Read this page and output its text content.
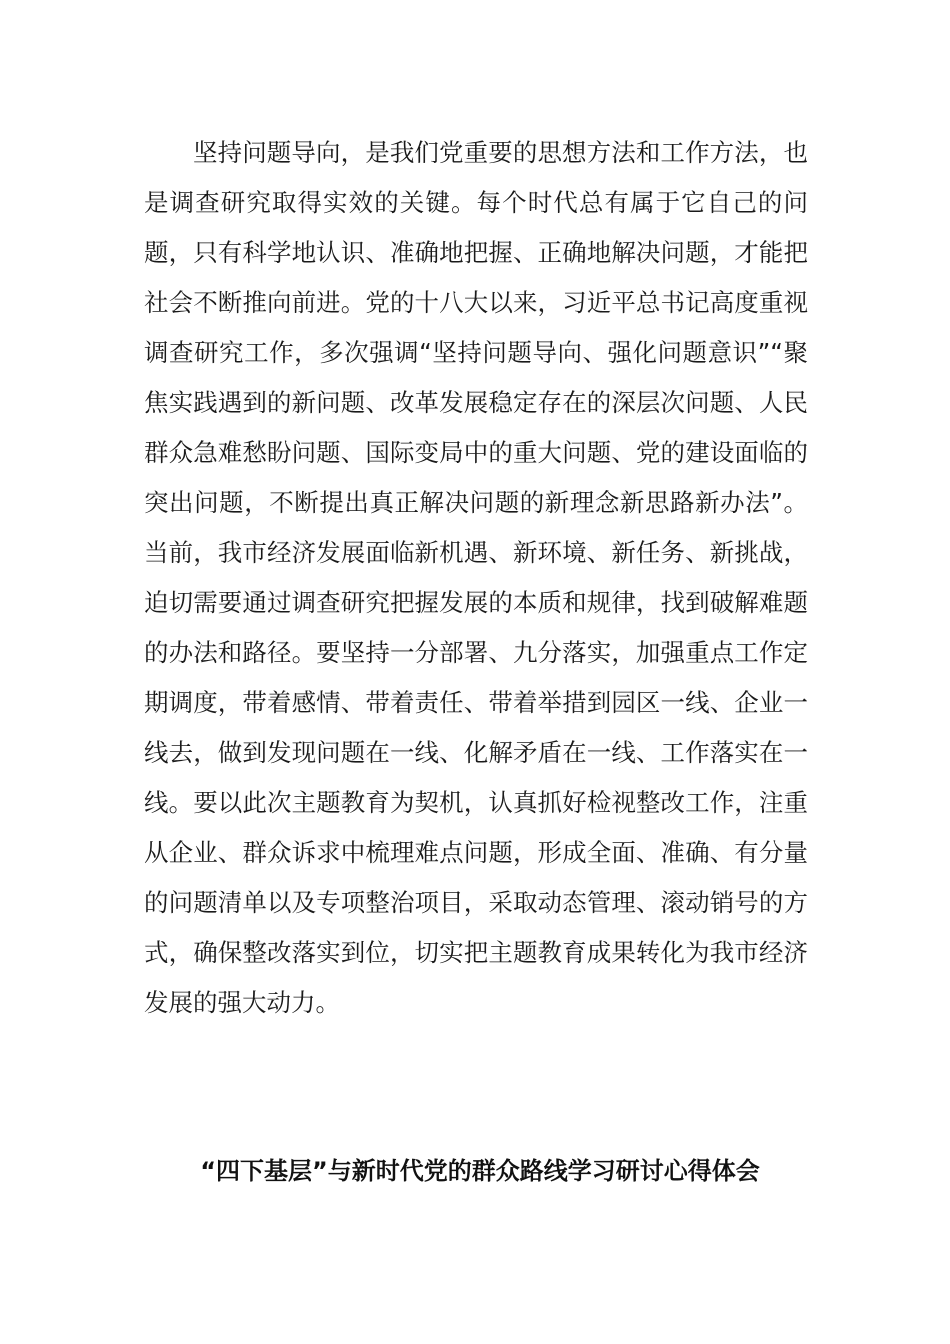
坚持问题导向，是我们党重要的思想方法和工作方法，也是调查研究取得实效的关键。每个时代总有属于它自己的问题，只有科学地认识、准确地把握、正确地解决问题，才能把社会不断推向前进。党的十八大以来，习近平总书记高度重视调查研究工作，多次强调“坚持问题导向、强化问题意识”“聚焦实践遇到的新问题、改革发展稳定存在的深层次问题、人民群众急难愁盼问题、国际变局中的重大问题、党的建设面临的突出问题，不断提出真正解决问题的新理念新思路新办法”。当前，我市经济发展面临新机遇、新环境、新任务、新挑战，迫切需要通过调查研究把握发展的本质和规律，找到破解难题的办法和路径。要坚持一分部署、九分落实，加强重点工作定期调度，带着感情、带着责任、带着举措到园区一线、企业一线去，做到发现问题在一线、化解矛盾在一线、工作落实在一线。要以此次主题教育为契机，认真抓好检视整改工作，注重从企业、群众诉求中梳理难点问题，形成全面、准确、有分量的问题清单以及专项整治项目，采取动态管理、滚动销号的方式，确保整改落实到位，切实把主题教育成果转化为我市经济发展的强大动力。

“四下基层”与新时代党的群众路线学习研讨心得体会
